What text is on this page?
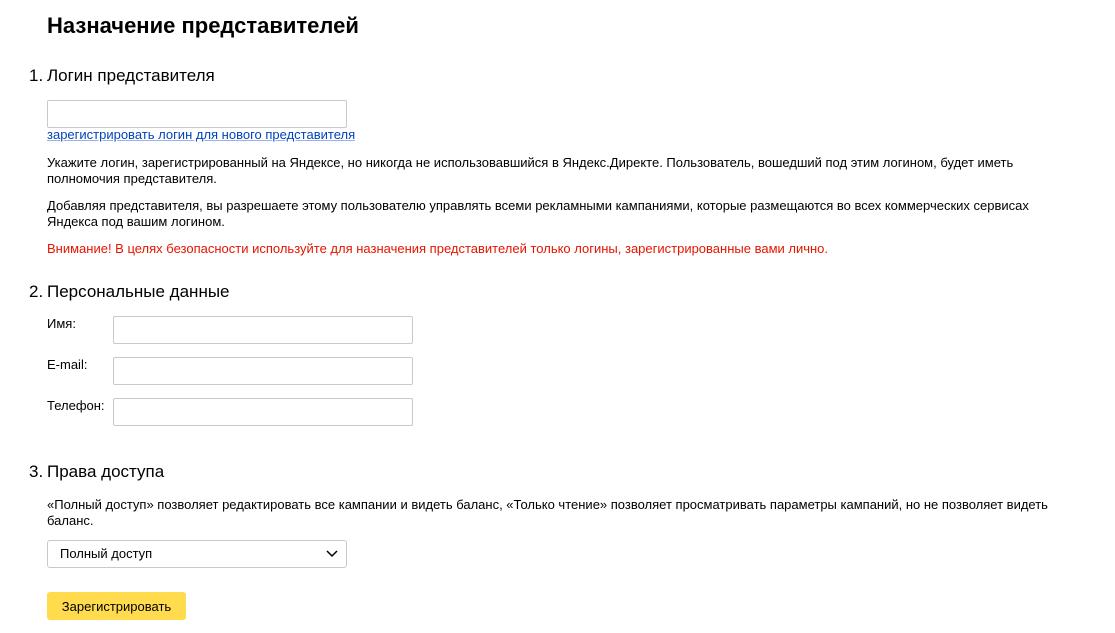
Назначение представителей
1. Логин представителя
зарегистрировать логин для нового представителя

Укажите логин, зарегистрированный на Яндексе, но никогда не использовавшийся в Яндекс.Директе. Пользователь, вошедший под этим логином, будет иметь полномочия представителя.

Добавляя представителя, вы разрешаете этому пользователю управлять всеми рекламными кампаниями, которые размещаются во всех коммерческих сервисах Яндекса под вашим логином.

Внимание! В целях безопасности используйте для назначения представителей только логины, зарегистрированные вами лично.

2. Персональные данные
Имя:
E-mail:
Телефон:
3. Права доступа

«Полный доступ» позволяет редактировать все кампании и видеть баланс, «Только чтение» позволяет просматривать параметры кампаний, но не позволяет видеть баланс.

Полный доступ
Зарегистрировать
